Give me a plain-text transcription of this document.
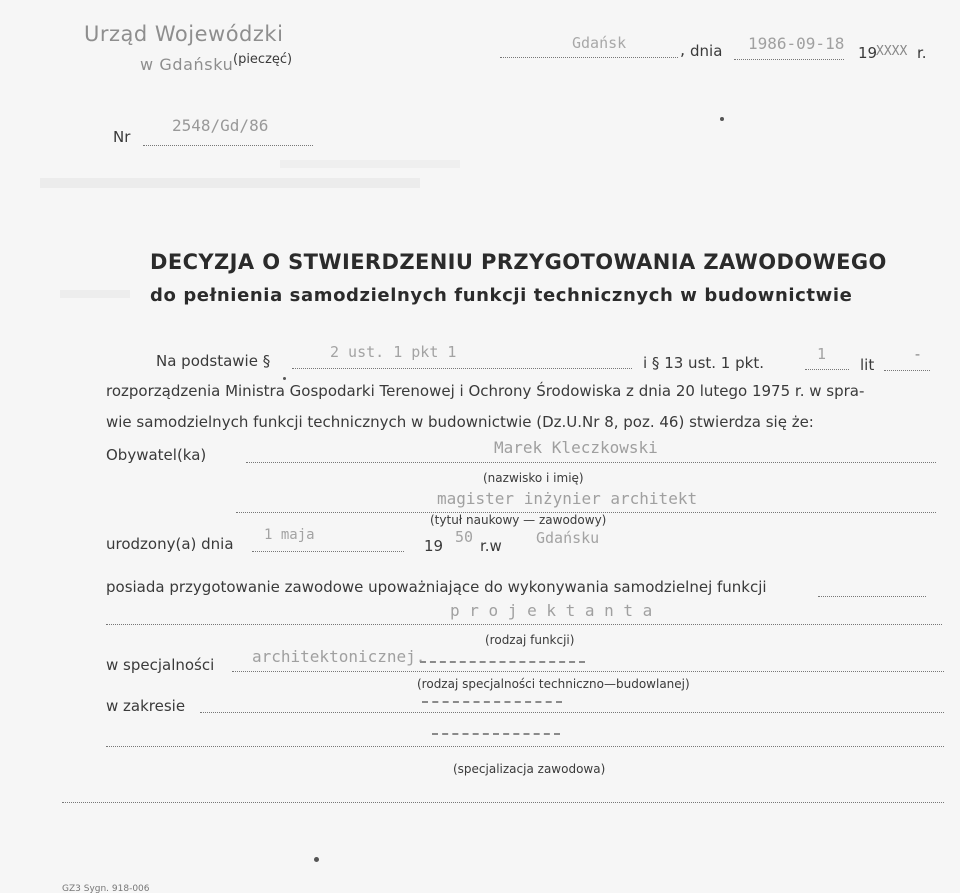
Urząd Wojewódzki
w Gdańsku (pieczęć)
Gdańsk	, dnia 1986-09-18 19
XXXX r.
Nr
2548/Gd/86
DECYZJA O STWIERDZENIU PRZYGOTOWANIA ZAWODOWEGO
do pełnienia samodzielnych funkcji technicznych w budownictwie
Na podstawie §	2 ust. 1 pkt 1
i § 13 ust. 1 pkt.	1
lit
-
rozporządzenia Ministra Gospodarki Terenowej i Ochrony Środowiska z dnia 20 lutego 1975 r. w spra-
wie samodzielnych funkcji technicznych w budownictwie (Dz.U.Nr 8, poz. 46) stwierdza się że:
Obywatel(ka)	Marek Kleczkowski
(nazwisko i imię)
magister inżynier architekt
(tytuł naukowy — zawodowy)
urodzony(a) dnia 1 maja
19 50 r.w Gdańsku
posiada przygotowanie zawodowe upoważniające do wykonywania samodzielnej funkcji
p r o j e k t a n t a
(rodzaj funkcji)
w specjalności architektonicznej.
(rodzaj specjalności techniczno—budowlanej)
w zakresie
(specjalizacja zawodowa)
GZ3 Sygn. 918-006
